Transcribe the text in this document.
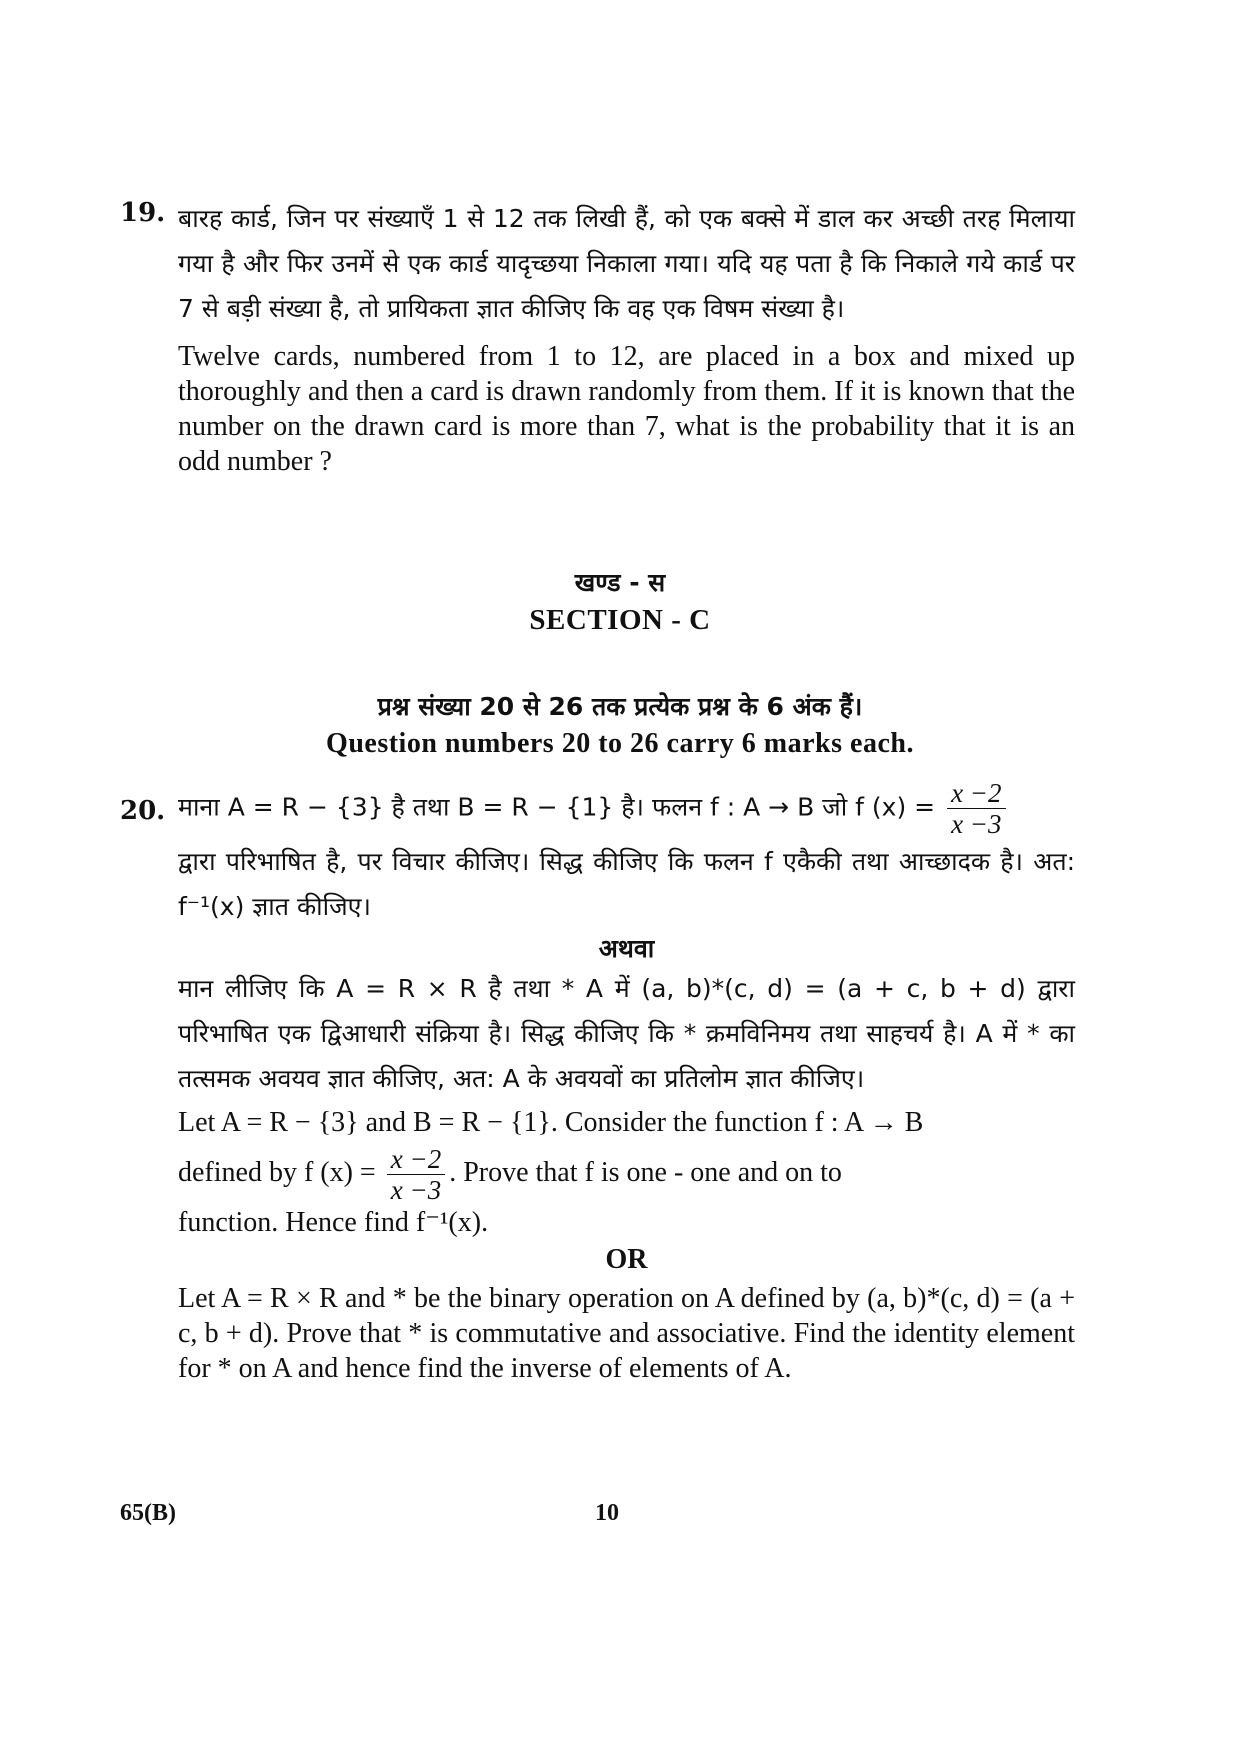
19. बारह कार्ड, जिन पर संख्याएँ 1 से 12 तक लिखी हैं, को एक बक्से में डाल कर अच्छी तरह मिलाया गया है और फिर उनमें से एक कार्ड यादृच्छया निकाला गया। यदि यह पता है कि निकाले गये कार्ड पर 7 से बड़ी संख्या है, तो प्रायिकता ज्ञात कीजिए कि वह एक विषम संख्या है।
Twelve cards, numbered from 1 to 12, are placed in a box and mixed up thoroughly and then a card is drawn randomly from them. If it is known that the number on the drawn card is more than 7, what is the probability that it is an odd number ?
खण्ड - स
SECTION - C
प्रश्न संख्या 20 से 26 तक प्रत्येक प्रश्न के 6 अंक हैं।
Question numbers 20 to 26 carry 6 marks each.
20. माना A = R − {3} है तथा B = R − {1} है। फलन f : A → B जो f $(x) = \frac{x -2}{x -3}$
द्वारा परिभाषित है, पर विचार कीजिए। सिद्ध कीजिए कि फलन f एकैकी तथा आच्छादक है। अत: f⁻¹(x) ज्ञात कीजिए।
अथवा
मान लीजिए कि A = R × R है तथा * A में (a, b)*(c, d) = (a + c, b + d) द्वारा परिभाषित एक द्विआधारी संक्रिया है। सिद्ध कीजिए कि * क्रमविनिमय तथा साहचर्य है। A में * का तत्समक अवयव ज्ञात कीजिए, अत: A के अवयवों का प्रतिलोम ज्ञात कीजिए।
Let A = R − {3} and B = R − {1}. Consider the function f : A → B
defined by f $(x) = \frac{x -2}{x -3}$ . Prove that f is one - one and on to
function. Hence find f⁻¹(x).
OR
Let A = R × R and * be the binary operation on A defined by (a, b)*(c, d) = (a + c, b + d). Prove that * is commutative and associative. Find the identity element for * on A and hence find the inverse of elements of A.
65(B)	10
